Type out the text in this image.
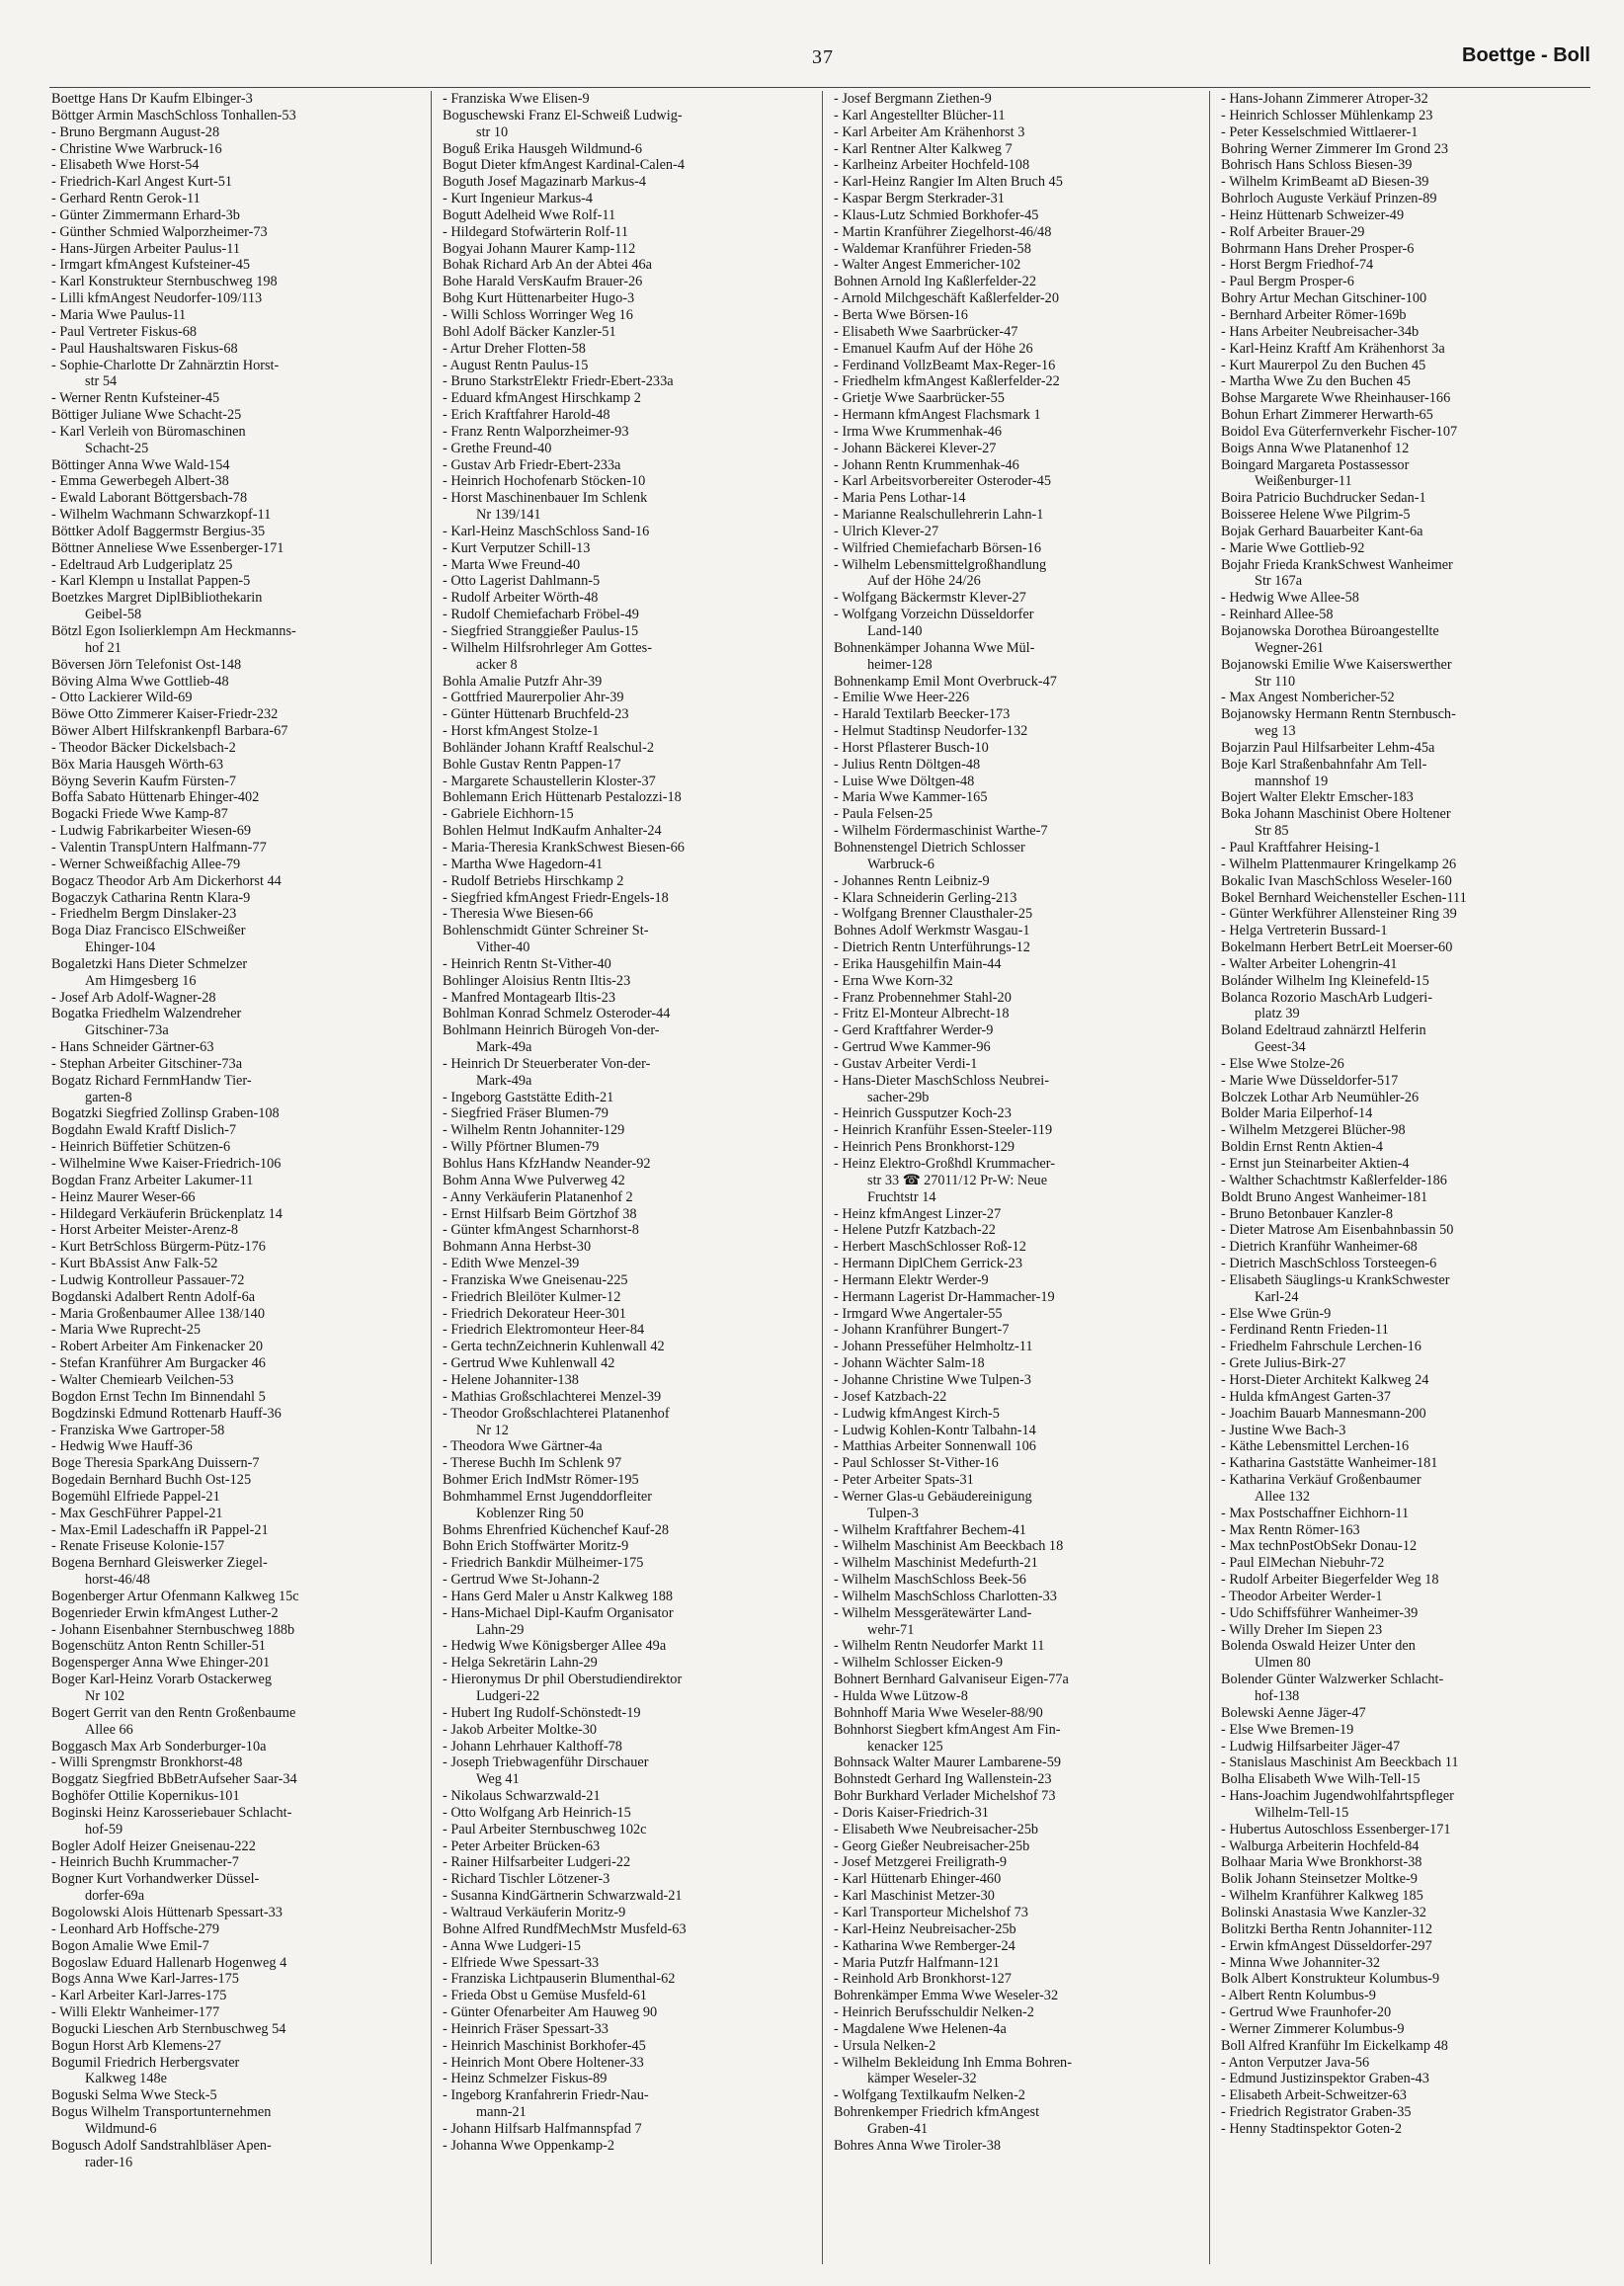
37	Boettge - Boll
Boettge Hans Dr Kaufm Elbinger-3
Böttger Armin MaschSchloss Tonhallen-53
- Bruno Bergmann August-28
- Christine Wwe Warbruck-16
- Elisabeth Wwe Horst-54
- Friedrich-Karl Angest Kurt-51
- Gerhard Rentn Gerok-11
- Günter Zimmermann Erhard-3b
- Günther Schmied Walporzheimer-73
- Hans-Jürgen Arbeiter Paulus-11
- Irmgart kfmAngest Kufsteiner-45
- Karl Konstrukteur Sternbuschweg 198
- Lilli kfmAngest Neudorfer-109/113
- Maria Wwe Paulus-11
- Paul Vertreter Fiskus-68
- Paul Haushaltswaren Fiskus-68
- Sophie-Charlotte Dr Zahnärztin Horst-
str 54
- Werner Rentn Kufsteiner-45
Böttiger Juliane Wwe Schacht-25
- Karl Verleih von Büromaschinen
Schacht-25
Böttinger Anna Wwe Wald-154
- Emma Gewerbegeh Albert-38
- Ewald Laborant Böttgersbach-78
- Wilhelm Wachmann Schwarzkopf-11
Böttker Adolf Baggermstr Bergius-35
Böttner Anneliese Wwe Essenberger-171
- Edeltraud Arb Ludgeriplatz 25
- Karl Klempn u Installat Pappen-5
Boetzkes Margret DiplBibliothekarin
Geibel-58
Bötzl Egon Isolierklempn Am Heckmanns-
hof 21
Böversen Jörn Telefonist Ost-148
Böving Alma Wwe Gottlieb-48
- Otto Lackierer Wild-69
Böwe Otto Zimmerer Kaiser-Friedr-232
Böwer Albert Hilfskrankenpfl Barbara-67
- Theodor Bäcker Dickelsbach-2
Böx Maria Hausgeh Wörth-63
Böyng Severin Kaufm Fürsten-7
Boffa Sabato Hüttenarb Ehinger-402
Bogacki Friede Wwe Kamp-87
- Ludwig Fabrikarbeiter Wiesen-69
- Valentin TranspUntern Halfmann-77
- Werner Schweißfachig Allee-79
Bogacz Theodor Arb Am Dickerhorst 44
Bogaczyk Catharina Rentn Klara-9
- Friedhelm Bergm Dinslaker-23
Boga Diaz Francisco ElSchweißer
Ehinger-104
Bogaletzki Hans Dieter Schmelzer
Am Himgesberg 16
- Josef Arb Adolf-Wagner-28
Bogatka Friedhelm Walzendreher
Gitschiner-73a
- Hans Schneider Gärtner-63
- Stephan Arbeiter Gitschiner-73a
Bogatz Richard FernmHandw Tier-
garten-8
Bogatzki Siegfried Zollinsp Graben-108
Bogdahn Ewald Kraftf Dislich-7
- Heinrich Büffetier Schützen-6
- Wilhelmine Wwe Kaiser-Friedrich-106
Bogdan Franz Arbeiter Lakumer-11
- Heinz Maurer Weser-66
- Hildegard Verkäuferin Brückenplatz 14
- Horst Arbeiter Meister-Arenz-8
- Kurt BetrSchloss Bürgerm-Pütz-176
- Kurt BbAssist Anw Falk-52
- Ludwig Kontrolleur Passauer-72
Bogdanski Adalbert Rentn Adolf-6a
- Maria Großenbaumer Allee 138/140
- Maria Wwe Ruprecht-25
- Robert Arbeiter Am Finkenacker 20
- Stefan Kranführer Am Burgacker 46
- Walter Chemiearb Veilchen-53
Bogdon Ernst Techn Im Binnendahl 5
Bogdzinski Edmund Rottenarb Hauff-36
- Franziska Wwe Gartroper-58
- Hedwig Wwe Hauff-36
Boge Theresia SparkAng Duissern-7
Bogedain Bernhard Buchh Ost-125
Bogemühl Elfriede Pappel-21
- Max GeschFührer Pappel-21
- Max-Emil Ladeschaffn iR Pappel-21
- Renate Friseuse Kolonie-157
Bogena Bernhard Gleiswerker Ziegel-
horst-46/48
Bogenberger Artur Ofenmann Kalkweg 15c
Bogenrieder Erwin kfmAngest Luther-2
- Johann Eisenbahner Sternbuschweg 188b
Bogenschütz Anton Rentn Schiller-51
Bogensperger Anna Wwe Ehinger-201
Boger Karl-Heinz Vorarb Ostackerweg
Nr 102
Bogert Gerrit van den Rentn Großenbaume
Allee 66
Boggasch Max Arb Sonderburger-10a
- Willi Sprengmstr Bronkhorst-48
Boggatz Siegfried BbBetrAufseher Saar-34
Boghöfer Ottilie Kopernikus-101
Boginski Heinz Karosseriebauer Schlacht-
hof-59
Bogler Adolf Heizer Gneisenau-222
- Heinrich Buchh Krummacher-7
Bogner Kurt Vorhandwerker Düssel-
dorfer-69a
Bogolowski Alois Hüttenarb Spessart-33
- Leonhard Arb Hoffsche-279
Bogon Amalie Wwe Emil-7
Bogoslaw Eduard Hallenarb Hogenweg 4
Bogs Anna Wwe Karl-Jarres-175
- Karl Arbeiter Karl-Jarres-175
- Willi Elektr Wanheimer-177
Bogucki Lieschen Arb Sternbuschweg 54
Bogun Horst Arb Klemens-27
Bogumil Friedrich Herbergsvater
Kalkweg 148e
Boguski Selma Wwe Steck-5
Bogus Wilhelm Transportunternehmen
Wildmund-6
Bogusch Adolf Sandstrahlbläser Apen-
rader-16
- Franziska Wwe Elisen-9
Boguschewski Franz El-Schweiß Ludwig-
str 10
Boguß Erika Hausgeh Wildmund-6
Bogut Dieter kfmAngest Kardinal-Calen-4
Boguth Josef Magazinarb Markus-4
- Kurt Ingenieur Markus-4
Bogutt Adelheid Wwe Rolf-11
- Hildegard Stofwärterin Rolf-11
Bogyai Johann Maurer Kamp-112
Bohak Richard Arb An der Abtei 46a
Bohe Harald VersKaufm Brauer-26
Bohg Kurt Hüttenarbeiter Hugo-3
- Willi Schloss Worringer Weg 16
Bohl Adolf Bäcker Kanzler-51
- Artur Dreher Flotten-58
- August Rentn Paulus-15
- Bruno StarkstrElektr Friedr-Ebert-233a
- Eduard kfmAngest Hirschkamp 2
- Erich Kraftfahrer Harold-48
- Franz Rentn Walporzheimer-93
- Grethe Freund-40
- Gustav Arb Friedr-Ebert-233a
- Heinrich Hochofenarb Stöcken-10
- Horst Maschinenbauer Im Schlenk
Nr 139/141
- Karl-Heinz MaschSchloss Sand-16
- Kurt Verputzer Schill-13
- Marta Wwe Freund-40
- Otto Lagerist Dahlmann-5
- Rudolf Arbeiter Wörth-48
- Rudolf Chemiefacharb Fröbel-49
- Siegfried Stranggießer Paulus-15
- Wilhelm Hilfsrohrleger Am Gottes-
acker 8
Bohla Amalie Putzfr Ahr-39
- Gottfried Maurerpolier Ahr-39
- Günter Hüttenarb Bruchfeld-23
- Horst kfmAngest Stolze-1
Bohländer Johann Kraftf Realschul-2
Bohle Gustav Rentn Pappen-17
- Margarete Schaustellerin Kloster-37
Bohlemann Erich Hüttenarb Pestalozzi-18
- Gabriele Eichhorn-15
Bohlen Helmut IndKaufm Anhalter-24
- Maria-Theresia KrankSchwest Biesen-66
- Martha Wwe Hagedorn-41
- Rudolf Betriebs Hirschkamp 2
- Siegfried kfmAngest Friedr-Engels-18
- Theresia Wwe Biesen-66
Bohlenschmidt Günter Schreiner St-
Vither-40
- Heinrich Rentn St-Vither-40
Bohlinger Aloisius Rentn Iltis-23
- Manfred Montagearb Iltis-23
Bohlman Konrad Schmelz Osteroder-44
Bohlmann Heinrich Bürogeh Von-der-
Mark-49a
- Heinrich Dr Steuerberater Von-der-
Mark-49a
- Ingeborg Gaststätte Edith-21
- Siegfried Fräser Blumen-79
- Wilhelm Rentn Johanniter-129
- Willy Pförtner Blumen-79
Bohlus Hans KfzHandw Neander-92
Bohm Anna Wwe Pulverweg 42
- Anny Verkäuferin Platanenhof 2
- Ernst Hilfsarb Beim Görtzhof 38
- Günter kfmAngest Scharnhorst-8
Bohmann Anna Herbst-30
- Edith Wwe Menzel-39
- Franziska Wwe Gneisenau-225
- Friedrich Bleilöter Kulmer-12
- Friedrich Dekorateur Heer-301
- Friedrich Elektromonteur Heer-84
- Gerta technZeichnerin Kuhlenwall 42
- Gertrud Wwe Kuhlenwall 42
- Helene Johanniter-138
- Mathias Großschlachterei Menzel-39
- Theodor Großschlachterei Platanenhof
Nr 12
- Theodora Wwe Gärtner-4a
- Therese Buchh Im Schlenk 97
Bohmer Erich IndMstr Römer-195
Bohmhammel Ernst Jugenddorfleiter
Koblenzer Ring 50
Bohms Ehrenfried Küchenchef Kauf-28
Bohn Erich Stoffwärter Moritz-9
- Friedrich Bankdir Mülheimer-175
- Gertrud Wwe St-Johann-2
- Hans Gerd Maler u Anstr Kalkweg 188
- Hans-Michael Dipl-Kaufm Organisator
Lahn-29
- Hedwig Wwe Königsberger Allee 49a
- Helga Sekretärin Lahn-29
- Hieronymus Dr phil Oberstudiendirektor
Ludgeri-22
- Hubert Ing Rudolf-Schönstedt-19
- Jakob Arbeiter Moltke-30
- Johann Lehrhauer Kalthoff-78
- Joseph Triebwagenführ Dirschauer
Weg 41
- Nikolaus Schwarzwald-21
- Otto Wolfgang Arb Heinrich-15
- Paul Arbeiter Sternbuschweg 102c
- Peter Arbeiter Brücken-63
- Rainer Hilfsarbeiter Ludgeri-22
- Richard Tischler Lötzener-3
- Susanna KindGärtnerin Schwarzwald-21
- Waltraud Verkäuferin Moritz-9
Bohne Alfred RundfMechMstr Musfeld-63
- Anna Wwe Ludgeri-15
- Elfriede Wwe Spessart-33
- Franziska Lichtpauserin Blumenthal-62
- Frieda Obst u Gemüse Musfeld-61
- Günter Ofenarbeiter Am Hauweg 90
- Heinrich Fräser Spessart-33
- Heinrich Maschinist Borkhofer-45
- Heinrich Mont Obere Holtener-33
- Heinz Schmelzer Fiskus-89
- Ingeborg Kranfahrerin Friedr-Nau-
mann-21
- Johann Hilfsarb Halfmannspfad 7
- Johanna Wwe Oppenkamp-2
- Josef Bergmann Ziethen-9
- Karl Angestellter Blücher-11
- Karl Arbeiter Am Krähenhorst 3
- Karl Rentner Alter Kalkweg 7
- Karlheinz Arbeiter Hochfeld-108
- Karl-Heinz Rangier Im Alten Bruch 45
- Kaspar Bergm Sterkrader-31
- Klaus-Lutz Schmied Borkhofer-45
- Martin Kranführer Ziegelhorst-46/48
- Waldemar Kranführer Frieden-58
- Walter Angest Emmericher-102
Bohnen Arnold Ing Kaßlerfelder-22
- Arnold Milchgeschäft Kaßlerfelder-20
- Berta Wwe Börsen-16
- Elisabeth Wwe Saarbrücker-47
- Emanuel Kaufm Auf der Höhe 26
- Ferdinand VollzBeamt Max-Reger-16
- Friedhelm kfmAngest Kaßlerfelder-22
- Grietje Wwe Saarbrücker-55
- Hermann kfmAngest Flachsmark 1
- Irma Wwe Krummenhak-46
- Johann Bäckerei Klever-27
- Johann Rentn Krummenhak-46
- Karl Arbeitsvorbereiter Osteroder-45
- Maria Pens Lothar-14
- Marianne Realschullehrerin Lahn-1
- Ulrich Klever-27
- Wilfried Chemiefacharb Börsen-16
- Wilhelm Lebensmittelgroßhandlung
Auf der Höhe 24/26
- Wolfgang Bäckermstr Klever-27
- Wolfgang Vorzeichn Düsseldorfer
Land-140
Bohnenkämper Johanna Wwe Mül-
heimer-128
Bohnenkamp Emil Mont Overbruck-47
- Emilie Wwe Heer-226
- Harald Textilarb Beecker-173
- Helmut Stadtinsp Neudorfer-132
- Horst Pflasterer Busch-10
- Julius Rentn Döltgen-48
- Luise Wwe Döltgen-48
- Maria Wwe Kammer-165
- Paula Felsen-25
- Wilhelm Fördermaschinist Warthe-7
Bohnenstengel Dietrich Schlosser
Warbruck-6
- Johannes Rentn Leibniz-9
- Klara Schneiderin Gerling-213
- Wolfgang Brenner Clausthaler-25
Bohnes Adolf Werkmstr Wasgau-1
- Dietrich Rentn Unterführungs-12
- Erika Hausgehilfin Main-44
- Erna Wwe Korn-32
- Franz Probennehmer Stahl-20
- Fritz El-Monteur Albrecht-18
- Gerd Kraftfahrer Werder-9
- Gertrud Wwe Kammer-96
- Gustav Arbeiter Verdi-1
- Hans-Dieter MaschSchloss Neubrei-
sacher-29b
- Heinrich Gussputzer Koch-23
- Heinrich Kranführ Essen-Steeler-119
- Heinrich Pens Bronkhorst-129
- Heinz Elektro-Großhdl Krummacher-
str 33 ☎ 27011/12 Pr-W: Neue
Fruchtstr 14
- Heinz kfmAngest Linzer-27
- Helene Putzfr Katzbach-22
- Herbert MaschSchlosser Roß-12
- Hermann DiplChem Gerrick-23
- Hermann Elektr Werder-9
- Hermann Lagerist Dr-Hammacher-19
- Irmgard Wwe Angertaler-55
- Johann Kranführer Bungert-7
- Johann Pressefüher Helmholtz-11
- Johann Wächter Salm-18
- Johanne Christine Wwe Tulpen-3
- Josef Katzbach-22
- Ludwig kfmAngest Kirch-5
- Ludwig Kohlen-Kontr Talbahn-14
- Matthias Arbeiter Sonnenwall 106
- Paul Schlosser St-Vither-16
- Peter Arbeiter Spats-31
- Werner Glas-u Gebäudereinigung
Tulpen-3
- Wilhelm Kraftfahrer Bechem-41
- Wilhelm Maschinist Am Beeckbach 18
- Wilhelm Maschinist Medefurth-21
- Wilhelm MaschSchloss Beek-56
- Wilhelm MaschSchloss Charlotten-33
- Wilhelm Messgerätewärter Land-
wehr-71
- Wilhelm Rentn Neudorfer Markt 11
- Wilhelm Schlosser Eicken-9
Bohnert Bernhard Galvaniseur Eigen-77a
- Hulda Wwe Lützow-8
Bohnhoff Maria Wwe Weseler-88/90
Bohnhorst Siegbert kfmAngest Am Fin-
kenacker 125
Bohnsack Walter Maurer Lambarene-59
Bohnstedt Gerhard Ing Wallenstein-23
Bohr Burkhard Verlader Michelshof 73
- Doris Kaiser-Friedrich-31
- Elisabeth Wwe Neubreisacher-25b
- Georg Gießer Neubreisacher-25b
- Josef Metzgerei Freiligrath-9
- Karl Hüttenarb Ehinger-460
- Karl Maschinist Metzer-30
- Karl Transporteur Michelshof 73
- Karl-Heinz Neubreisacher-25b
- Katharina Wwe Remberger-24
- Maria Putzfr Halfmann-121
- Reinhold Arb Bronkhorst-127
Bohrenkämper Emma Wwe Weseler-32
- Heinrich Berufsschuldir Nelken-2
- Magdalene Wwe Helenen-4a
- Ursula Nelken-2
- Wilhelm Bekleidung Inh Emma Bohren-
kämper Weseler-32
- Wolfgang Textilkaufm Nelken-2
Bohrenkemper Friedrich kfmAngest
Graben-41
Bohres Anna Wwe Tiroler-38
- Hans-Johann Zimmerer Atroper-32
- Heinrich Schlosser Mühlenkamp 23
- Peter Kesselschmied Wittlaerer-1
Bohring Werner Zimmerer Im Grond 23
Bohrisch Hans Schloss Biesen-39
- Wilhelm KrimBeamt aD Biesen-39
Bohrloch Auguste Verkäuf Prinzen-89
- Heinz Hüttenarb Schweizer-49
- Rolf Arbeiter Brauer-29
Bohrmann Hans Dreher Prosper-6
- Horst Bergm Friedhof-74
- Paul Bergm Prosper-6
Bohry Artur Mechan Gitschiner-100
- Bernhard Arbeiter Römer-169b
- Hans Arbeiter Neubreisacher-34b
- Karl-Heinz Kraftf Am Krähenhorst 3a
- Kurt Maurerpol Zu den Buchen 45
- Martha Wwe Zu den Buchen 45
Bohse Margarete Wwe Rheinhauser-166
Bohun Erhart Zimmerer Herwarth-65
Boidol Eva Güterfernverkehr Fischer-107
Boigs Anna Wwe Platanenhof 12
Boingard Margareta Postassessor
Weißenburger-11
Boira Patricio Buchdrucker Sedan-1
Boisseree Helene Wwe Pilgrim-5
Bojak Gerhard Bauarbeiter Kant-6a
- Marie Wwe Gottlieb-92
Bojahr Frieda KrankSchwest Wanheimer
Str 167a
- Hedwig Wwe Allee-58
- Reinhard Allee-58
Bojanowska Dorothea Büroangestellte
Wegner-261
Bojanowski Emilie Wwe Kaiserswerther
Str 110
- Max Angest Nombericher-52
Bojanowsky Hermann Rentn Sternbusch-
weg 13
Bojarzin Paul Hilfsarbeiter Lehm-45a
Boje Karl Straßenbahnfahr Am Tell-
mannshof 19
Bojert Walter Elektr Emscher-183
Boka Johann Maschinist Obere Holtener
Str 85
- Paul Kraftfahrer Heising-1
- Wilhelm Plattenmaurer Kringelkamp 26
Bokalic Ivan MaschSchloss Weseler-160
Bokel Bernhard Weichensteller Eschen-111
- Günter Werkführer Allensteiner Ring 39
- Helga Vertreterin Bussard-1
Bokelmann Herbert BetrLeit Moerser-60
- Walter Arbeiter Lohengrin-41
Bolánder Wilhelm Ing Kleinefeld-15
Bolanca Rozorio MaschArb Ludgeri-
platz 39
Boland Edeltraud zahnärztl Helferin
Geest-34
- Else Wwe Stolze-26
- Marie Wwe Düsseldorfer-517
Bolczek Lothar Arb Neumühler-26
Bolder Maria Eilperhof-14
- Wilhelm Metzgerei Blücher-98
Boldin Ernst Rentn Aktien-4
- Ernst jun Steinarbeiter Aktien-4
- Walther Schachtmstr Kaßlerfelder-186
Boldt Bruno Angest Wanheimer-181
- Bruno Betonbauer Kanzler-8
- Dieter Matrose Am Eisenbahnbassin 50
- Dietrich Kranführ Wanheimer-68
- Dietrich MaschSchloss Torsteegen-6
- Elisabeth Säuglings-u KrankSchwester
Karl-24
- Else Wwe Grün-9
- Ferdinand Rentn Frieden-11
- Friedhelm Fahrschule Lerchen-16
- Grete Julius-Birk-27
- Horst-Dieter Architekt Kalkweg 24
- Hulda kfmAngest Garten-37
- Joachim Bauarb Mannesmann-200
- Justine Wwe Bach-3
- Käthe Lebensmittel Lerchen-16
- Katharina Gaststätte Wanheimer-181
- Katharina Verkäuf Großenbaumer
Allee 132
- Max Postschaffner Eichhorn-11
- Max Rentn Römer-163
- Max technPostObSekr Donau-12
- Paul ElMechan Niebuhr-72
- Rudolf Arbeiter Biegerfelder Weg 18
- Theodor Arbeiter Werder-1
- Udo Schiffsführer Wanheimer-39
- Willy Dreher Im Siepen 23
Bolenda Oswald Heizer Unter den
Ulmen 80
Bolender Günter Walzwerker Schlacht-
hof-138
Bolewski Aenne Jäger-47
- Else Wwe Bremen-19
- Ludwig Hilfsarbeiter Jäger-47
- Stanislaus Maschinist Am Beeckbach 11
Bolha Elisabeth Wwe Wilh-Tell-15
- Hans-Joachim Jugendwohlfahrtspfleger
Wilhelm-Tell-15
- Hubertus Autoschloss Essenberger-171
- Walburga Arbeiterin Hochfeld-84
Bolhaar Maria Wwe Bronkhorst-38
Bolik Johann Steinsetzer Moltke-9
- Wilhelm Kranführer Kalkweg 185
Bolinski Anastasia Wwe Kanzler-32
Bolitzki Bertha Rentn Johanniter-112
- Erwin kfmAngest Düsseldorfer-297
- Minna Wwe Johanniter-32
Bolk Albert Konstrukteur Kolumbus-9
- Albert Rentn Kolumbus-9
- Gertrud Wwe Fraunhofer-20
- Werner Zimmerer Kolumbus-9
Boll Alfred Kranführ Im Eickelkamp 48
- Anton Verputzer Java-56
- Edmund Justizinspektor Graben-43
- Elisabeth Arbeit-Schweitzer-63
- Friedrich Registrator Graben-35
- Henny Stadtinspektor Goten-2
